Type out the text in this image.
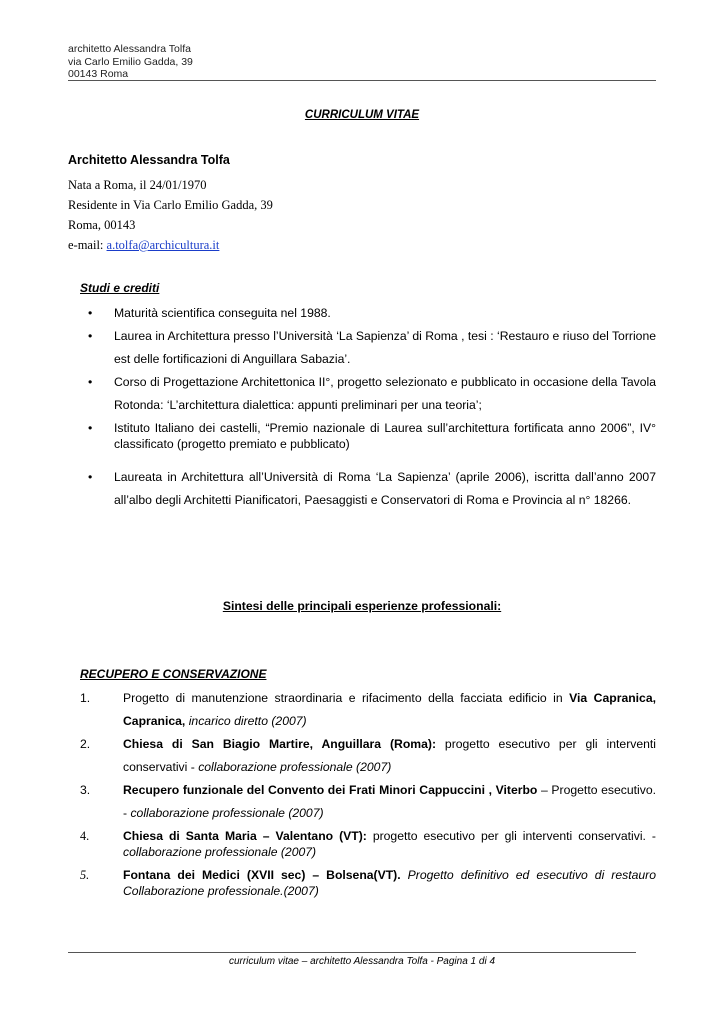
architetto Alessandra Tolfa
via Carlo Emilio Gadda, 39
00143 Roma
CURRICULUM VITAE
Architetto Alessandra Tolfa
Nata a Roma, il 24/01/1970
Residente in Via Carlo Emilio Gadda, 39
Roma, 00143
e-mail: a.tolfa@archicultura.it
Studi e crediti
• Maturità scientifica conseguita nel 1988.
• Laurea in Architettura presso l’Università ‘La Sapienza’ di Roma , tesi : ‘Restauro e riuso del Torrione est delle fortificazioni di Anguillara Sabazia’.
• Corso di Progettazione Architettonica II°, progetto selezionato e pubblicato in occasione della Tavola Rotonda: ‘L’architettura dialettica: appunti preliminari per una teoria’;
• Istituto Italiano dei castelli, “Premio nazionale di Laurea sull’architettura fortificata anno 2006”, IV° classificato (progetto premiato e pubblicato)
• Laureata in Architettura all’Università di Roma ‘La Sapienza’ (aprile 2006), iscritta dall’anno 2007 all’albo degli Architetti Pianificatori, Paesaggisti e Conservatori di Roma e Provincia al n° 18266.
Sintesi delle principali esperienze professionali:
RECUPERO E CONSERVAZIONE
1.	Progetto di manutenzione straordinaria e rifacimento della facciata edificio in Via Capranica, Capranica, incarico diretto (2007)
2.	Chiesa di San Biagio Martire, Anguillara (Roma): progetto esecutivo per gli interventi conservativi - collaborazione professionale (2007)
3.	Recupero funzionale del Convento dei Frati Minori Cappuccini , Viterbo – Progetto esecutivo. - collaborazione professionale (2007)
4.	Chiesa di Santa Maria – Valentano (VT): progetto esecutivo per gli interventi conservativi. - collaborazione professionale (2007)
5.	Fontana dei Medici (XVII sec) – Bolsena(VT). Progetto definitivo ed esecutivo di restauro Collaborazione professionale.(2007)
curriculum vitae – architetto Alessandra Tolfa - Pagina 1 di 4
